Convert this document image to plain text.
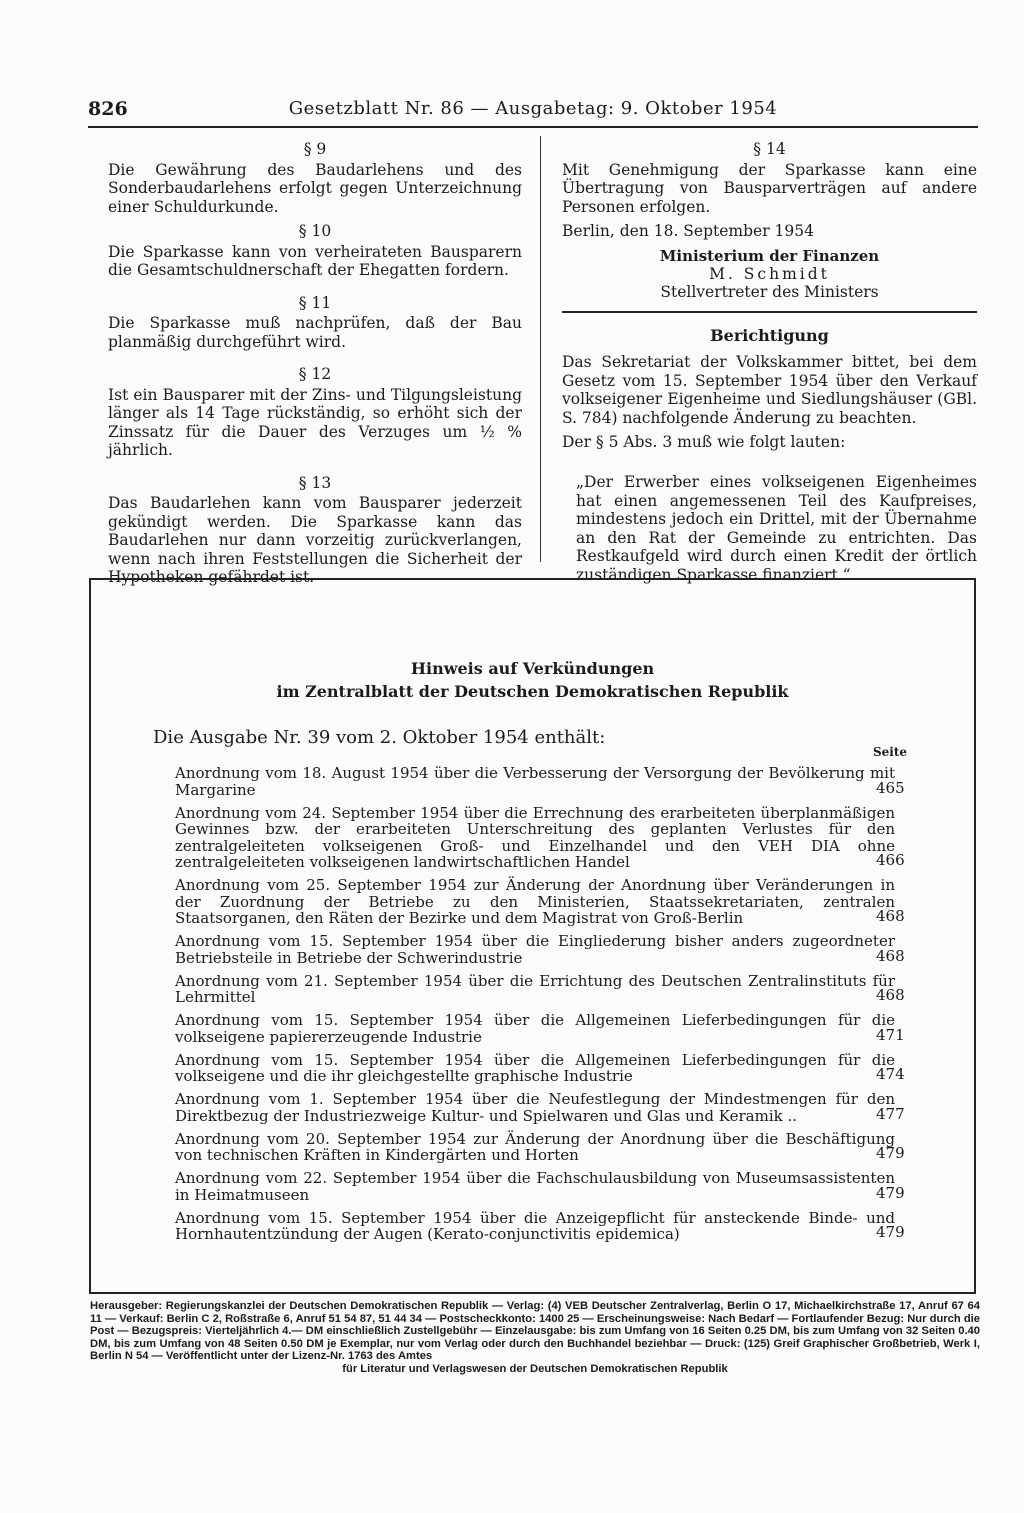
826	Gesetzblatt Nr. 86 — Ausgabetag: 9. Oktober 1954
§ 9

Die Gewährung des Baudarlehens und des Sonderbaudarlehens erfolgt gegen Unterzeichnung einer Schuldurkunde.

§ 10

Die Sparkasse kann von verheirateten Bausparern die Gesamtschuldnerschaft der Ehegatten fordern.

§ 11

Die Sparkasse muß nachprüfen, daß der Bau planmäßig durchgeführt wird.

§ 12

Ist ein Bausparer mit der Zins- und Tilgungsleistung länger als 14 Tage rückständig, so erhöht sich der Zinssatz für die Dauer des Verzuges um ½ % jährlich.

§ 13

Das Baudarlehen kann vom Bausparer jederzeit gekündigt werden. Die Sparkasse kann das Baudarlehen nur dann vorzeitig zurückverlangen, wenn nach ihren Feststellungen die Sicherheit der Hypotheken gefährdet ist.

§ 14

Mit Genehmigung der Sparkasse kann eine Übertragung von Bausparverträgen auf andere Personen erfolgen.

Berlin, den 18. September 1954

Ministerium der Finanzen
M. Schmidt
Stellvertreter des Ministers
Berichtigung

Das Sekretariat der Volkskammer bittet, bei dem Gesetz vom 15. September 1954 über den Verkauf volkseigener Eigenheime und Siedlungshäuser (GBl. S. 784) nachfolgende Änderung zu beachten.

Der § 5 Abs. 3 muß wie folgt lauten:

„Der Erwerber eines volkseigenen Eigenheimes hat einen angemessenen Teil des Kaufpreises, mindestens jedoch ein Drittel, mit der Übernahme an den Rat der Gemeinde zu entrichten. Das Restkaufgeld wird durch einen Kredit der örtlich zuständigen Sparkasse finanziert.“

Hinweis auf Verkündungen
im Zentralblatt der Deutschen Demokratischen Republik
Die Ausgabe Nr. 39 vom 2. Oktober 1954 enthält:
Seite

Anordnung vom 18. August 1954 über die Verbesserung der Versorgung der Bevölkerung mit Margarine	465

Anordnung vom 24. September 1954 über die Errechnung des erarbeiteten überplanmäßigen Gewinnes bzw. der erarbeiteten Unterschreitung des geplanten Verlustes für den zentralgeleiteten volkseigenen Groß- und Einzelhandel und den VEH DIA ohne zentralgeleiteten volkseigenen landwirtschaftlichen Handel	466

Anordnung vom 25. September 1954 zur Änderung der Anordnung über Veränderungen in der Zuordnung der Betriebe zu den Ministerien, Staatssekretariaten, zentralen Staatsorganen, den Räten der Bezirke und dem Magistrat von Groß-Berlin	468

Anordnung vom 15. September 1954 über die Eingliederung bisher anders zugeordneter Betriebsteile in Betriebe der Schwerindustrie	468

Anordnung vom 21. September 1954 über die Errichtung des Deutschen Zentralinstituts für Lehrmittel	468

Anordnung vom 15. September 1954 über die Allgemeinen Lieferbedingungen für die volkseigene papiererzeugende Industrie	471

Anordnung vom 15. September 1954 über die Allgemeinen Lieferbedingungen für die volkseigene und die ihr gleichgestellte graphische Industrie	474

Anordnung vom 1. September 1954 über die Neufestlegung der Mindestmengen für den Direktbezug der Industriezweige Kultur- und Spielwaren und Glas und Keramik ..	477

Anordnung vom 20. September 1954 zur Änderung der Anordnung über die Beschäftigung von technischen Kräften in Kindergärten und Horten	479

Anordnung vom 22. September 1954 über die Fachschulausbildung von Museumsassistenten in Heimatmuseen	479

Anordnung vom 15. September 1954 über die Anzeigepflicht für ansteckende Binde- und Hornhautentzündung der Augen (Kerato-conjunctivitis epidemica)	479
Herausgeber: Regierungskanzlei der Deutschen Demokratischen Republik — Verlag: (4) VEB Deutscher Zentralverlag, Berlin O 17, Michaelkirchstraße 17, Anruf 67 64 11 — Verkauf: Berlin C 2, Roßstraße 6, Anruf 51 54 87, 51 44 34 — Postscheckkonto: 1400 25 — Erscheinungsweise: Nach Bedarf — Fortlaufender Bezug: Nur durch die Post — Bezugspreis: Vierteljährlich 4.— DM einschließlich Zustellgebühr — Einzelausgabe: bis zum Umfang von 16 Seiten 0.25 DM, bis zum Umfang von 32 Seiten 0.40 DM, bis zum Umfang von 48 Seiten 0.50 DM je Exemplar, nur vom Verlag oder durch den Buchhandel beziehbar — Druck: (125) Greif Graphischer Großbetrieb, Werk I, Berlin N 54 — Veröffentlicht unter der Lizenz-Nr. 1763 des Amtes
für Literatur und Verlagswesen der Deutschen Demokratischen Republik
